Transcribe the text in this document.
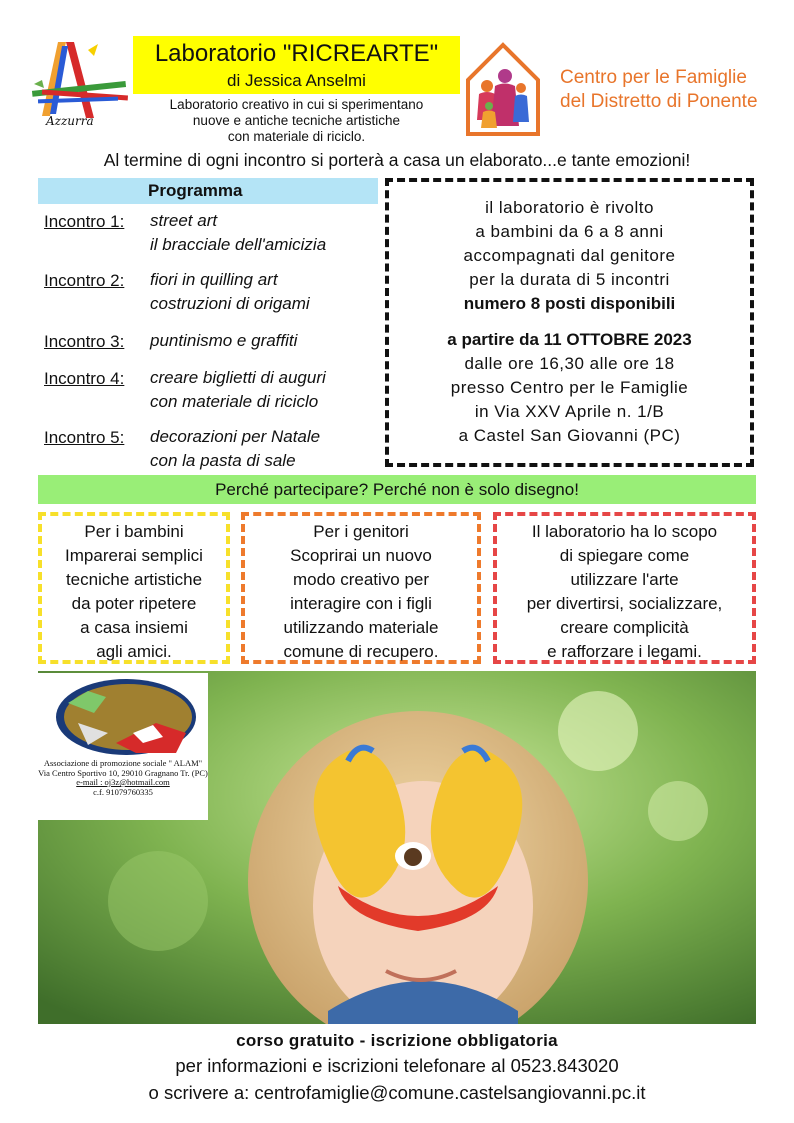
Azzurra
Laboratorio "RICREARTE"
di Jessica Anselmi
Laboratorio creativo in cui si sperimentano
nuove e antiche tecniche artistiche
con materiale di riciclo.
Centro per le Famiglie
del Distretto di Ponente
Al termine di ogni incontro si porterà a casa un elaborato...e tante emozioni!
Programma
Incontro 1: street art
il bracciale dell'amicizia
Incontro 2: fiori in quilling art
costruzioni di origami
Incontro 3: puntinismo e graffiti
Incontro 4: creare biglietti di auguri
con materiale di riciclo
Incontro 5: decorazioni per Natale
con la pasta di sale
il laboratorio è rivolto
a bambini da 6 a 8 anni
accompagnati dal genitore
per la durata di 5 incontri
numero 8 posti disponibili
a partire da 11 OTTOBRE 2023
dalle ore 16,30 alle ore 18
presso Centro per le Famiglie
in Via XXV Aprile n. 1/B
a Castel San Giovanni (PC)
Perché partecipare? Perché non è solo disegno!
Per i bambini
Imparerai semplici
tecniche artistiche
da poter ripetere
a casa insiemi
agli amici.
Per i genitori
Scoprirai un nuovo
modo creativo per
interagire con i figli
utilizzando materiale
comune di recupero.
Il laboratorio ha lo scopo
di spiegare come
utilizzare l'arte
per divertirsi, socializzare,
creare complicità
e rafforzare i legami.
Associazione di promozione sociale " ALAM"
Via Centro Sportivo 10, 29010 Gragnano Tr. (PC)
e-mail : oj3z@hotmail.com
c.f. 91079760335
corso gratuito - iscrizione obbligatoria
per informazioni e iscrizioni telefonare al 0523.843020
o scrivere a: centrofamiglie@comune.castelsangiovanni.pc.it
